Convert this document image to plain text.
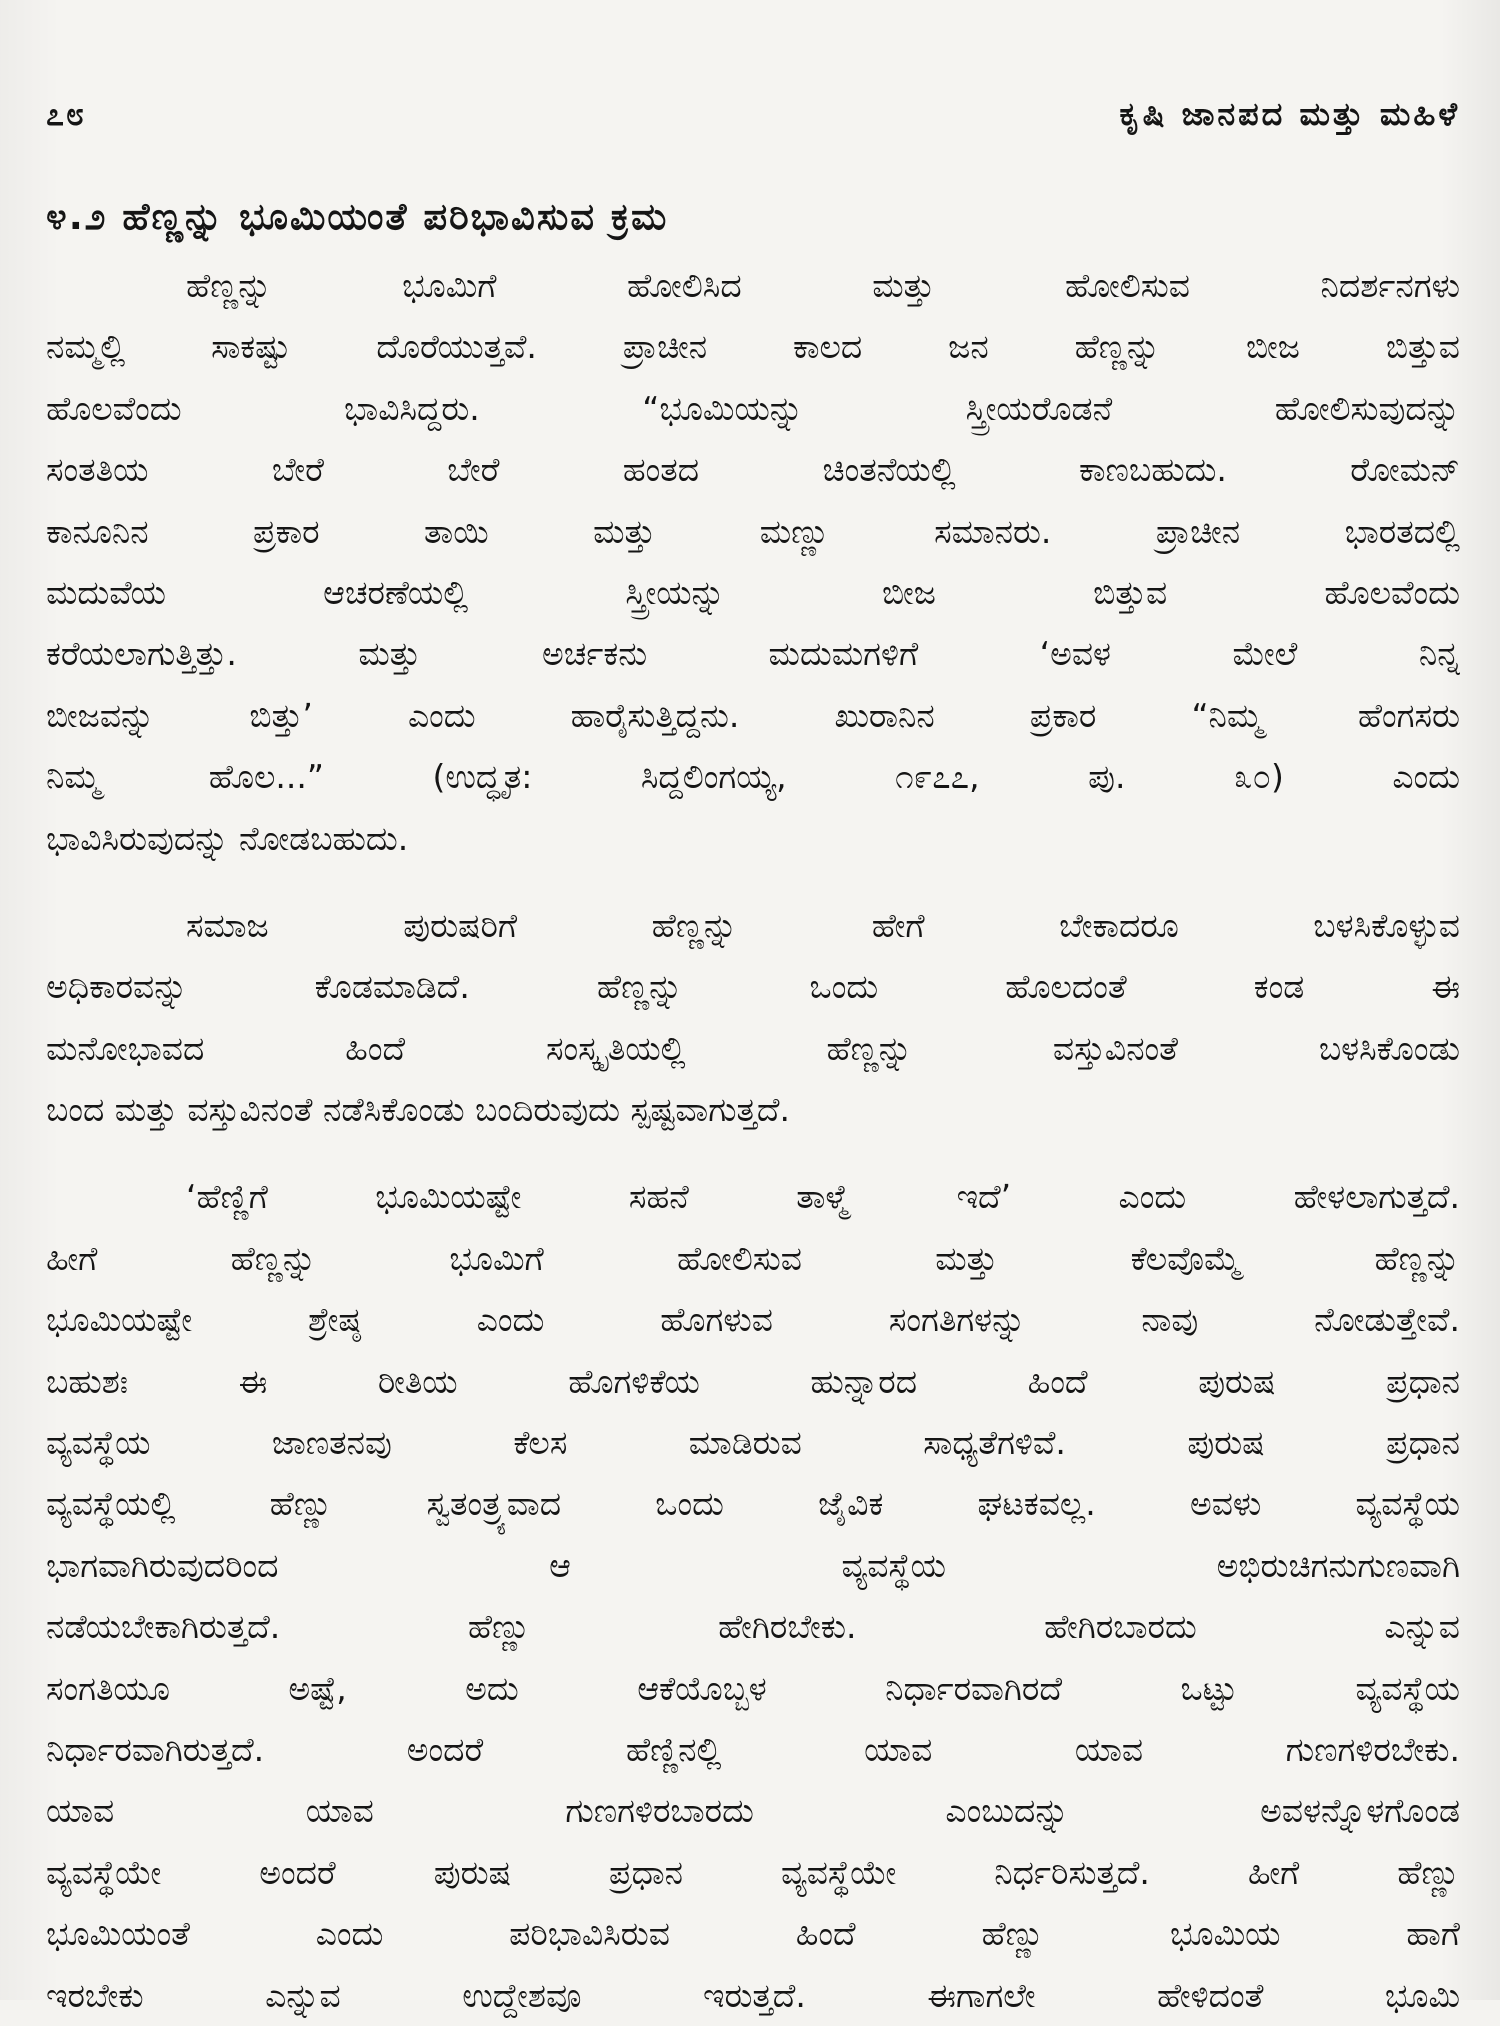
೭೮	ಕೃಷಿ ಜಾನಪದ ಮತ್ತು ಮಹಿಳೆ
೪.೨ ಹೆಣ್ಣನ್ನು ಭೂಮಿಯಂತೆ ಪರಿಭಾವಿಸುವ ಕ್ರಮ
ಹೆಣ್ಣನ್ನು ಭೂಮಿಗೆ ಹೋಲಿಸಿದ ಮತ್ತು ಹೋಲಿಸುವ ನಿದರ್ಶನಗಳು
ನಮ್ಮಲ್ಲಿ ಸಾಕಷ್ಟು ದೊರೆಯುತ್ತವೆ. ಪ್ರಾಚೀನ ಕಾಲದ ಜನ ಹೆಣ್ಣನ್ನು ಬೀಜ ಬಿತ್ತುವ
ಹೊಲವೆಂದು ಭಾವಿಸಿದ್ದರು. “ಭೂಮಿಯನ್ನು ಸ್ತ್ರೀಯರೊಡನೆ ಹೋಲಿಸುವುದನ್ನು
ಸಂತತಿಯ ಬೇರೆ ಬೇರೆ ಹಂತದ ಚಿಂತನೆಯಲ್ಲಿ ಕಾಣಬಹುದು. ರೋಮನ್
ಕಾನೂನಿನ ಪ್ರಕಾರ ತಾಯಿ ಮತ್ತು ಮಣ್ಣು ಸಮಾನರು. ಪ್ರಾಚೀನ ಭಾರತದಲ್ಲಿ
ಮದುವೆಯ ಆಚರಣೆಯಲ್ಲಿ ಸ್ತ್ರೀಯನ್ನು ಬೀಜ ಬಿತ್ತುವ ಹೊಲವೆಂದು
ಕರೆಯಲಾಗುತ್ತಿತ್ತು. ಮತ್ತು ಅರ್ಚಕನು ಮದುಮಗಳಿಗೆ ‘ಅವಳ ಮೇಲೆ ನಿನ್ನ
ಬೀಜವನ್ನು ಬಿತ್ತು’ ಎಂದು ಹಾರೈಸುತ್ತಿದ್ದನು. ಖುರಾನಿನ ಪ್ರಕಾರ “ನಿಮ್ಮ ಹೆಂಗಸರು
ನಿಮ್ಮ ಹೊಲ...” (ಉದ್ಧೃತ: ಸಿದ್ದಲಿಂಗಯ್ಯ, ೧೯೭೭, ಪು. ೩೦) ಎಂದು
ಭಾವಿಸಿರುವುದನ್ನು ನೋಡಬಹುದು.
ಸಮಾಜ ಪುರುಷರಿಗೆ ಹೆಣ್ಣನ್ನು ಹೇಗೆ ಬೇಕಾದರೂ ಬಳಸಿಕೊಳ್ಳುವ
ಅಧಿಕಾರವನ್ನು ಕೊಡಮಾಡಿದೆ. ಹೆಣ್ಣನ್ನು ಒಂದು ಹೊಲದಂತೆ ಕಂಡ ಈ
ಮನೋಭಾವದ ಹಿಂದೆ ಸಂಸ್ಕೃತಿಯಲ್ಲಿ ಹೆಣ್ಣನ್ನು ವಸ್ತುವಿನಂತೆ ಬಳಸಿಕೊಂಡು
ಬಂದ ಮತ್ತು ವಸ್ತುವಿನಂತೆ ನಡೆಸಿಕೊಂಡು ಬಂದಿರುವುದು ಸ್ಪಷ್ಟವಾಗುತ್ತದೆ.
‘ಹೆಣ್ಣಿಗೆ ಭೂಮಿಯಷ್ಟೇ ಸಹನೆ ತಾಳ್ಮೆ ಇದೆ’ ಎಂದು ಹೇಳಲಾಗುತ್ತದೆ.
ಹೀಗೆ ಹೆಣ್ಣನ್ನು ಭೂಮಿಗೆ ಹೋಲಿಸುವ ಮತ್ತು ಕೆಲವೊಮ್ಮೆ ಹೆಣ್ಣನ್ನು
ಭೂಮಿಯಷ್ಟೇ ಶ್ರೇಷ್ಠ ಎಂದು ಹೊಗಳುವ ಸಂಗತಿಗಳನ್ನು ನಾವು ನೋಡುತ್ತೇವೆ.
ಬಹುಶಃ ಈ ರೀತಿಯ ಹೊಗಳಿಕೆಯ ಹುನ್ನಾರದ ಹಿಂದೆ ಪುರುಷ ಪ್ರಧಾನ
ವ್ಯವಸ್ಥೆಯ ಜಾಣತನವು ಕೆಲಸ ಮಾಡಿರುವ ಸಾಧ್ಯತೆಗಳಿವೆ. ಪುರುಷ ಪ್ರಧಾನ
ವ್ಯವಸ್ಥೆಯಲ್ಲಿ ಹೆಣ್ಣು ಸ್ವತಂತ್ರ್ಯವಾದ ಒಂದು ಜೈವಿಕ ಘಟಕವಲ್ಲ. ಅವಳು ವ್ಯವಸ್ಥೆಯ
ಭಾಗವಾಗಿರುವುದರಿಂದ ಆ ವ್ಯವಸ್ಥೆಯ ಅಭಿರುಚಿಗನುಗುಣವಾಗಿ
ನಡೆಯಬೇಕಾಗಿರುತ್ತದೆ. ಹೆಣ್ಣು ಹೇಗಿರಬೇಕು. ಹೇಗಿರಬಾರದು ಎನ್ನುವ
ಸಂಗತಿಯೂ ಅಷ್ಟೆ, ಅದು ಆಕೆಯೊಬ್ಬಳ ನಿರ್ಧಾರವಾಗಿರದೆ ಒಟ್ಟು ವ್ಯವಸ್ಥೆಯ
ನಿರ್ಧಾರವಾಗಿರುತ್ತದೆ. ಅಂದರೆ ಹೆಣ್ಣಿನಲ್ಲಿ ಯಾವ ಯಾವ ಗುಣಗಳಿರಬೇಕು.
ಯಾವ ಯಾವ ಗುಣಗಳಿರಬಾರದು ಎಂಬುದನ್ನು ಅವಳನ್ನೊಳಗೊಂಡ
ವ್ಯವಸ್ಥೆಯೇ ಅಂದರೆ ಪುರುಷ ಪ್ರಧಾನ ವ್ಯವಸ್ಥೆಯೇ ನಿರ್ಧರಿಸುತ್ತದೆ. ಹೀಗೆ ಹೆಣ್ಣು
ಭೂಮಿಯಂತೆ ಎಂದು ಪರಿಭಾವಿಸಿರುವ ಹಿಂದೆ ಹೆಣ್ಣು ಭೂಮಿಯ ಹಾಗೆ
ಇರಬೇಕು ಎನ್ನುವ ಉದ್ದೇಶವೂ ಇರುತ್ತದೆ. ಈಗಾಗಲೇ ಹೇಳಿದಂತೆ ಭೂಮಿ
